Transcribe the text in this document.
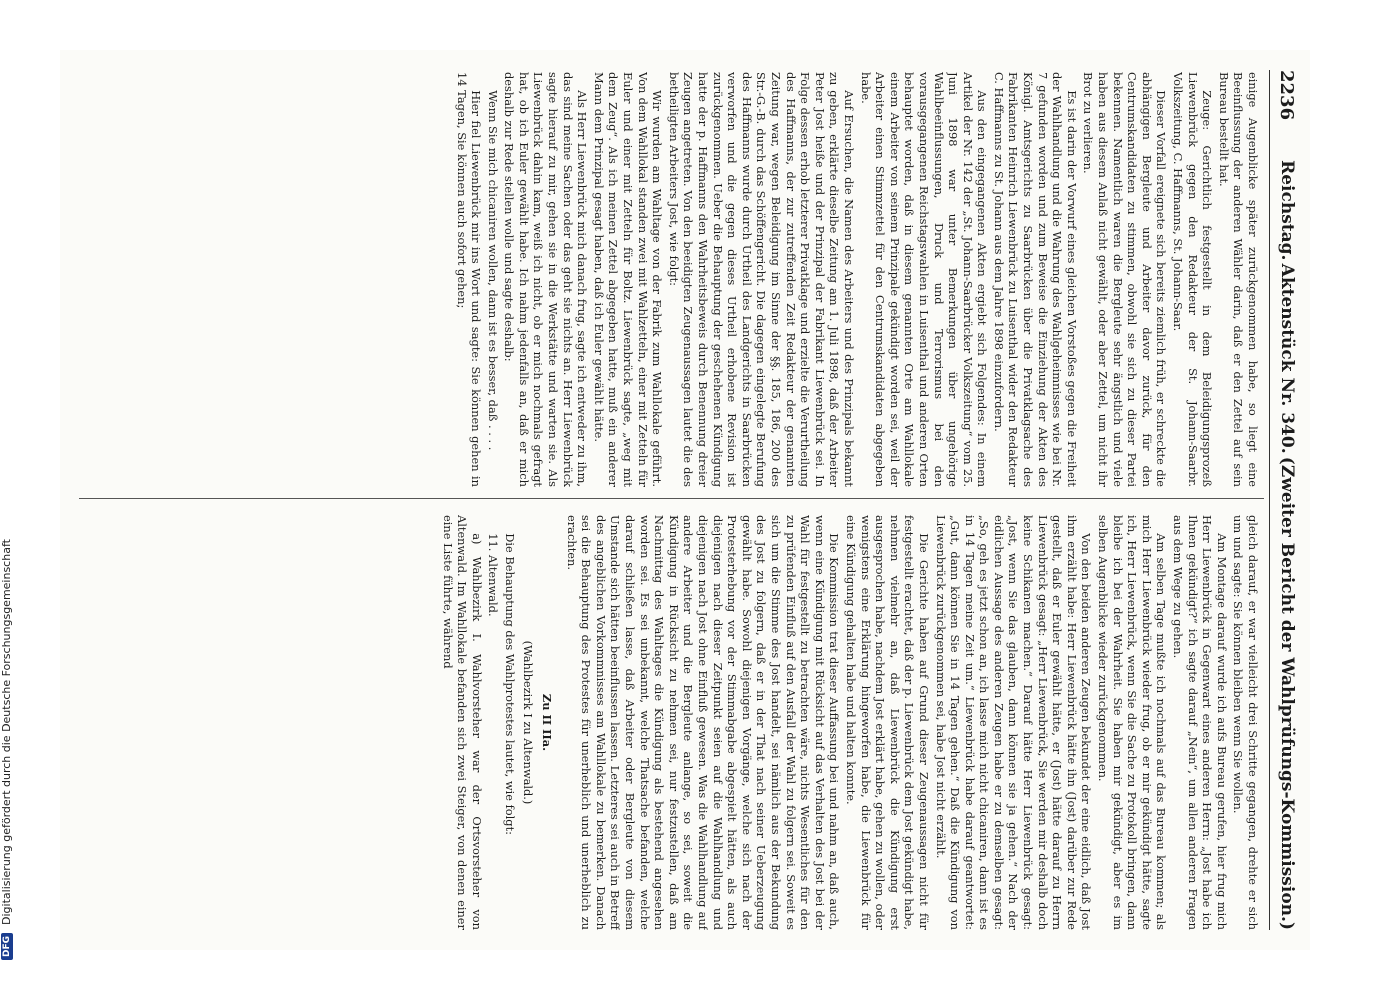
2236
Reichstag.
Aktenstück Nr. 340.
(Zweiter Bericht der Wahlprüfungs-Kommission.)

einige Augenblicke später zurückgenommen habe, so liegt eine Beeinflussung der anderen Wähler darin, daß er den Zettel auf sein Bureau bestellt hat.

Zeuge: Gerichtlich festgestellt in dem Beleidigungsprozeß Liewenbrück gegen den Redakteur der St. Johann-Saarbr. Volkszeitung, C. Haffmanns, St. Johann-Saar.

Dieser Vorfall ereignete sich bereits ziemlich früh, er schreckte die abhängigen Bergleute und Arbeiter davor zurück, für den Centrumskandidaten zu stimmen, obwohl sie sich zu dieser Partei bekennen. Namentlich waren die Bergleute sehr ängstlich und viele haben aus diesem Anlaß nicht gewählt, oder aber Zettel, um nicht ihr Brot zu verlieren.

Es ist darin der Vorwurf eines gleichen Vorstoßes gegen die Freiheit der Wahlhandlung und die Wahrung des Wahlgeheimnisses wie bei Nr. 7 gefunden worden und zum Beweise die Einziehung der Akten des Königl. Amtsgerichts zu Saarbrücken über die Privatklagsache des Fabrikanten Heinrich Liewenbrück zu Luisenthal wider den Redakteur C. Haffmanns zu St. Johann aus dem Jahre 1898 einzufordern.

Aus den eingegangenen Akten ergiebt sich Folgendes: In einem Artikel der Nr. 142 der „St. Johann-Saarbrücker Volkszeitung“ vom 25. Juni 1898 war unter Bemerkungen über ungehörige Wahlbeeinflussungen, Druck und Terrorismus bei den vorausgegangenen Reichstagswahlen in Luisenthal und anderen Orten behauptet worden, daß in diesem genannten Orte am Wahllokale einem Arbeiter von seinem Prinzipale gekündigt worden sei, weil der Arbeiter einen Stimmzettel für den Centrumskandidaten abgegeben habe.

Auf Ersuchen, die Namen des Arbeiters und des Prinzipals bekannt zu geben, erklärte dieselbe Zeitung am 1. Juli 1898, daß der Arbeiter Peter Jost heiße und der Prinzipal der Fabrikant Liewenbrück sei. In Folge dessen erhob letzterer Privatklage und erzielte die Verurtheilung des Haffmanns, der zur zutreffenden Zeit Redakteur der genannten Zeitung war, wegen Beleidigung im Sinne der §§. 185, 186, 200 des Str.-G.-B. durch das Schöffengericht. Die dagegen eingelegte Berufung des Haffmanns wurde durch Urtheil des Landgerichts in Saarbrücken verworfen und die gegen dieses Urtheil erhobene Revision ist zurückgenommen. Ueber die Behauptung der geschehenen Kündigung hatte der p. Haffmanns den Wahrheitsbeweis durch Benennung dreier Zeugen angetreten. Von den beeidigten Zeugenaussagen lautet die des betheiligten Arbeiters Jost, wie folgt:

Wir wurden am Wahltage von der Fabrik zum Wahllokale geführt. Von dem Wahllokal standen zwei mit Wahlzetteln, einer mit Zetteln für Euler und einer mit Zetteln für Boltz. Liewenbrück sagte, „weg mit dem Zeug“. Als ich meinen Zettel abgegeben hatte, muß ein anderer Mann dem Prinzipal gesagt haben, daß ich Euler gewählt hätte.

Als Herr Liewenbrück mich danach frug, sagte ich entweder zu ihm, das sind meine Sachen oder das geht sie nichts an. Herr Liewenbrück sagte hierauf zu mir, gehen sie in die Werkstätte und warten sie. Als Liewenbrück dahin kam, weiß ich nicht, ob er mich nochmals gefragt hat, ob ich Euler gewählt habe. Ich nahm jedenfalls an, daß er mich deshalb zur Rede stellen wolle und sagte deshalb:

Wenn Sie mich chicaniren wollen, dann ist es besser, daß . . . .

Hier fiel Liewenbrück mir ins Wort und sagte: Sie können gehen in 14 Tagen, Sie können auch sofort gehen;

gleich darauf, er war vielleicht drei Schritte gegangen, drehte er sich um und sagte: Sie können bleiben wenn Sie wollen.

Am Montage darauf wurde ich aufs Bureau gerufen, hier frug mich Herr Liewenbrück in Gegenwart eines anderen Herrn: „Jost habe ich Ihnen gekündigt?“ ich sagte darauf „Nein“, um allen anderen Fragen aus dem Wege zu gehen.

Am selben Tage mußte ich nochmals auf das Bureau kommen; als mich Herr Liewenbrück wieder frug, ob er mir gekündigt hätte, sagte ich, Herr Liewenbrück, wenn Sie die Sache zu Protokoll bringen, dann bleibe ich bei der Wahrheit. Sie haben mir gekündigt, aber es im selben Augenblicke wieder zurückgenommen.

Von den beiden anderen Zeugen bekundet der eine eidlich, daß Jost ihm erzählt habe: Herr Liewenbrück hätte ihn (Jost) darüber zur Rede gestellt, daß er Euler gewählt hätte, er (Jost) hätte darauf zu Herrn Liewenbrück gesagt: „Herr Liewenbrück, Sie werden mir deshalb doch keine Schikanen machen.“ Darauf hätte Herr Liewenbrück gesagt: „Jost, wenn Sie das glauben, dann können sie ja gehen.“ Nach der eidlichen Aussage des anderen Zeugen habe er zu demselben gesagt: „So, geh es jetzt schon an, ich lasse mich nicht chicaniren, dann ist es in 14 Tagen meine Zeit um.“ Liewenbrück habe darauf geantwortet: „Gut, dann können Sie in 14 Tagen gehen.“ Daß die Kündigung von Liewenbrück zurückgenommen sei, habe Jost nicht erzählt.

Die Gerichte haben auf Grund dieser Zeugenaussagen nicht für festgestellt erachtet, daß der p. Liewenbrück dem Jost gekündigt habe, nehmen vielmehr an, daß Liewenbrück die Kündigung erst ausgesprochen habe, nachdem Jost erklärt habe, gehen zu wollen, oder wenigstens eine Erklärung hingeworfen habe, die Liewenbrück für eine Kündigung gehalten habe und halten konnte.

Die Kommission trat dieser Auffassung bei und nahm an, daß auch, wenn eine Kündigung mit Rücksicht auf das Verhalten des Jost bei der Wahl für festgestellt zu betrachten wäre, nichts Wesentliches für den zu prüfenden Einfluß auf den Ausfall der Wahl zu folgern sei. Soweit es sich um die Stimme des Jost handelt, sei nämlich aus der Bekundung des Jost zu folgern, daß er in der That nach seiner Ueberzeugung gewählt habe. Sowohl diejenigen Vorgänge, welche sich nach der Protesterhebung vor der Stimmabgabe abgespielt hätten, als auch diejenigen nach dieser Zeitpunkt seien auf die Wahlhandlung und diejenigen nach Jost ohne Einfluß gewesen. Was die Wahlhandlung auf andere Arbeiter und die Bergleute anlange, so sei, soweit die Kündigung in Rücksicht zu nehmen sei, nur festzustellen, daß am Nachmittag des Wahltages die Kündigung als bestehend angesehen worden sei. Es sei unbekannt, welche Thatsache befanden, welche darauf schließen lasse, daß Arbeiter oder Bergleute von diesem Umstande sich hätten beeinflussen lassen. Letzteres sei auch in Betreff des angeblichen Vorkommnisses am Wahllokale zu bemerken. Danach sei die Behauptung des Protestes für unerheblich und unerheblich zu erachten.

Zu II IIa.

(Wahlbezirk I zu Altenwald.)

Die Behauptung des Wahlprotestes lautet, wie folgt:

11. Altenwald.

a) Wahlbezirk I. Wahlvorsteher war der Ortsvorsteher von Altenwald. Im Wahllokale befanden sich zwei Steiger, von denen einer eine Liste führte, während

DFG
Digitalisierung gefördert durch die Deutsche Forschungsgemeinschaft
